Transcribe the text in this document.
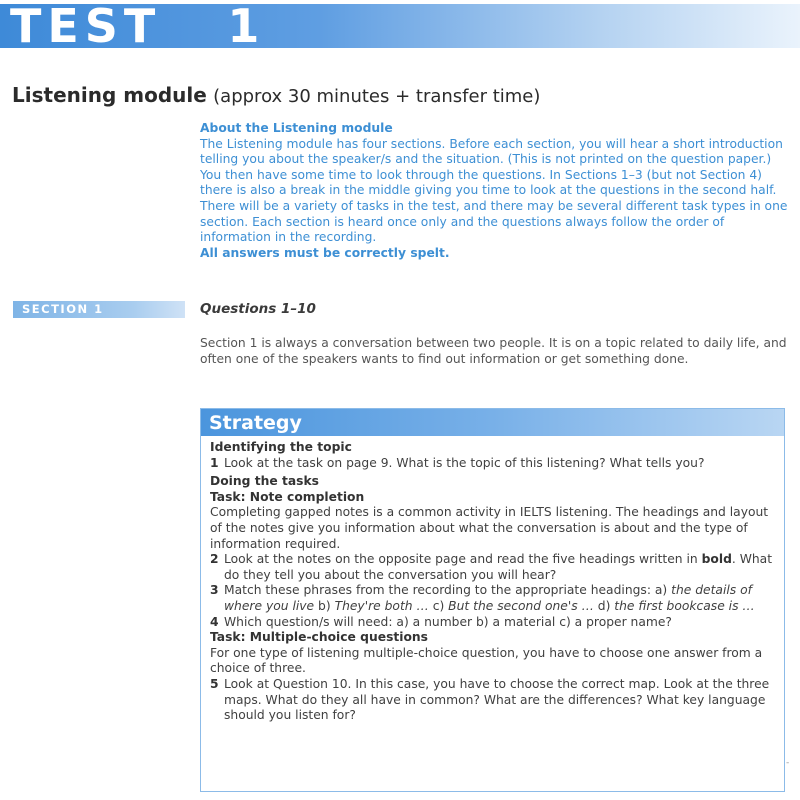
TEST   1
Listening module (approx 30 minutes + transfer time)
About the Listening module
The Listening module has four sections. Before each section, you will hear a short introduction telling you about the speaker/s and the situation. (This is not printed on the question paper.) You then have some time to look through the questions. In Sections 1–3 (but not Section 4) there is also a break in the middle giving you time to look at the questions in the second half. There will be a variety of tasks in the test, and there may be several different task types in one section. Each section is heard once only and the questions always follow the order of information in the recording.
All answers must be correctly spelt.
SECTION 1	Questions 1–10

Section 1 is always a conversation between two people. It is on a topic related to daily life, and often one of the speakers wants to find out information or get something done.

Strategy
Identifying the topic
1 Look at the task on page 9. What is the topic of this listening? What tells you?
Doing the tasks
Task: Note completion
Completing gapped notes is a common activity in IELTS listening. The headings and layout of the notes give you information about what the conversation is about and the type of information required.
2 Look at the notes on the opposite page and read the five headings written in bold. What do they tell you about the conversation you will hear?
3 Match these phrases from the recording to the appropriate headings: a) the details of where you live b) They're both … c) But the second one's … d) the first bookcase is …
4 Which question/s will need: a) a number b) a material c) a proper name?
Task: Multiple-choice questions
For one type of listening multiple-choice question, you have to choose one answer from a choice of three.
5 Look at Question 10. In this case, you have to choose the correct map. Look at the three maps. What do they all have in common? What are the differences? What key language should you listen for?
-
